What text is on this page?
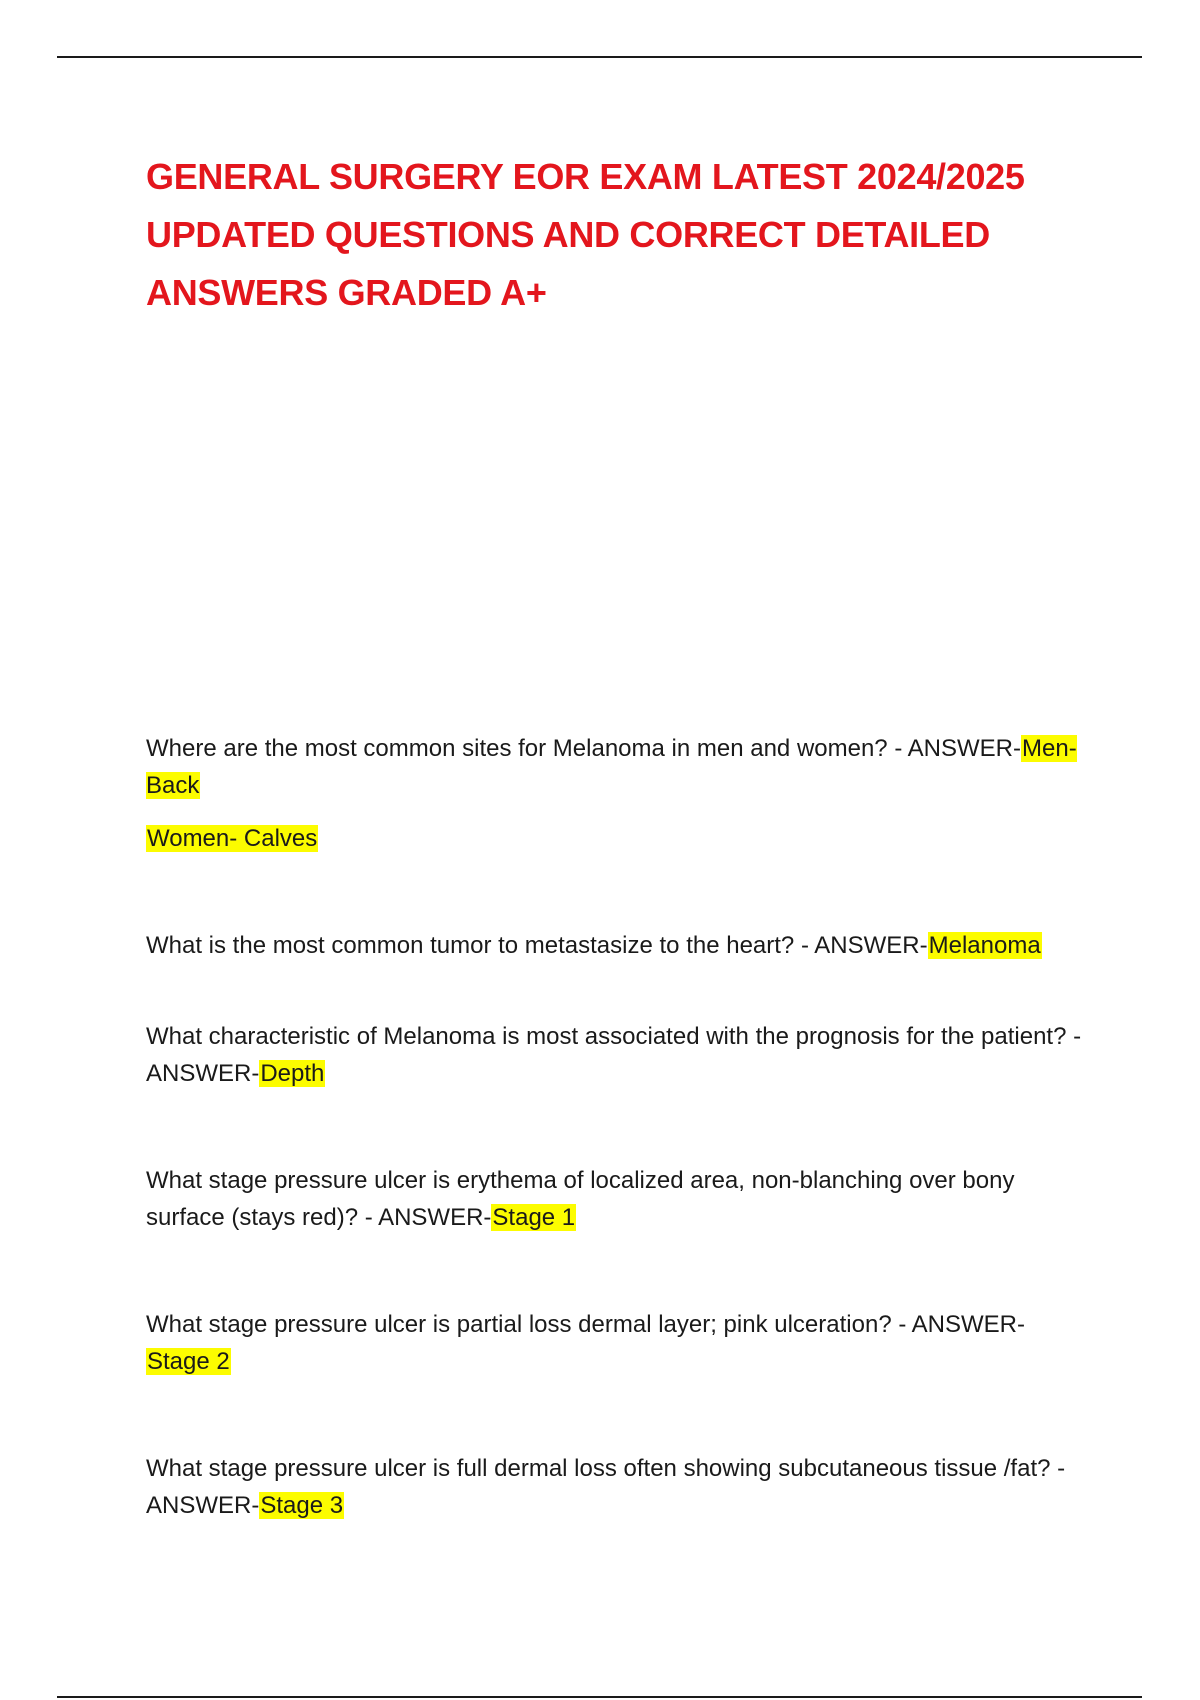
GENERAL SURGERY EOR EXAM LATEST 2024/2025 UPDATED QUESTIONS AND CORRECT DETAILED ANSWERS GRADED A+

Where are the most common sites for Melanoma in men and women? - ANSWER-Men- Back

Women- Calves

What is the most common tumor to metastasize to the heart? - ANSWER-Melanoma

What characteristic of Melanoma is most associated with the prognosis for the patient? - ANSWER-Depth

What stage pressure ulcer is erythema of localized area, non-blanching over bony surface (stays red)? - ANSWER-Stage 1

What stage pressure ulcer is partial loss dermal layer; pink ulceration? - ANSWER-Stage 2

What stage pressure ulcer is full dermal loss often showing subcutaneous tissue /fat? - ANSWER-Stage 3
